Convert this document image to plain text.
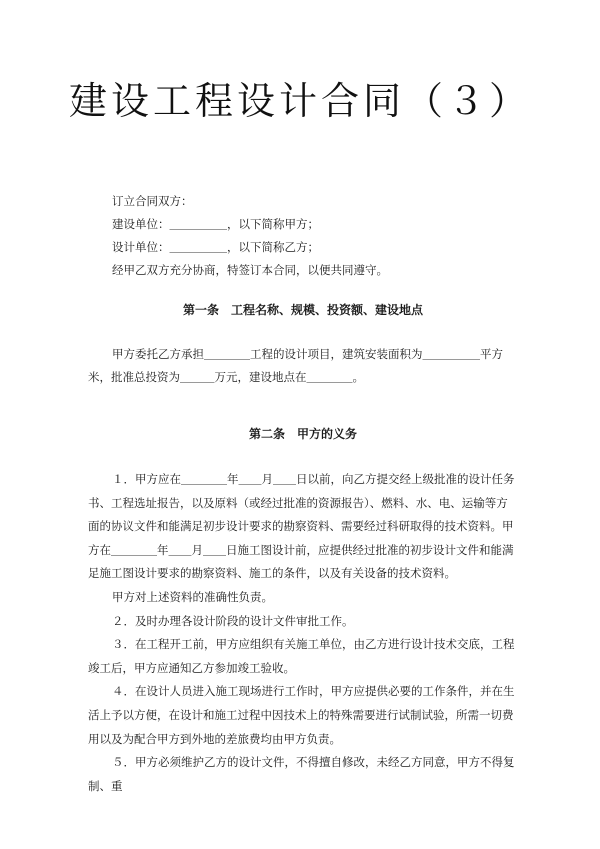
建设工程设计合同（３）

订立合同双方：

建设单位：＿＿＿＿＿，以下简称甲方；

设计单位：＿＿＿＿＿，以下简称乙方；

经甲乙双方充分协商，特签订本合同，以便共同遵守。

第一条　工程名称、规模、投资额、建设地点

甲方委托乙方承担＿＿＿＿工程的设计项目，建筑安装面积为＿＿＿＿＿平方米，批准总投资为＿＿＿万元，建设地点在＿＿＿＿。

第二条　甲方的义务

１．甲方应在＿＿＿＿年＿＿月＿＿日以前，向乙方提交经上级批准的设计任务书、工程选址报告，以及原料（或经过批准的资源报告）、燃料、水、电、运输等方面的协议文件和能满足初步设计要求的勘察资料、需要经过科研取得的技术资料。甲方在＿＿＿＿年＿＿月＿＿日施工图设计前，应提供经过批准的初步设计文件和能满足施工图设计要求的勘察资料、施工的条件，以及有关设备的技术资料。

甲方对上述资料的准确性负责。

２．及时办理各设计阶段的设计文件审批工作。

３．在工程开工前，甲方应组织有关施工单位，由乙方进行设计技术交底，工程竣工后，甲方应通知乙方参加竣工验收。

４．在设计人员进入施工现场进行工作时，甲方应提供必要的工作条件，并在生活上予以方便，在设计和施工过程中因技术上的特殊需要进行试制试验，所需一切费用以及为配合甲方到外地的差旅费均由甲方负责。

５．甲方必须维护乙方的设计文件，不得擅自修改，未经乙方同意，甲方不得复制、重
